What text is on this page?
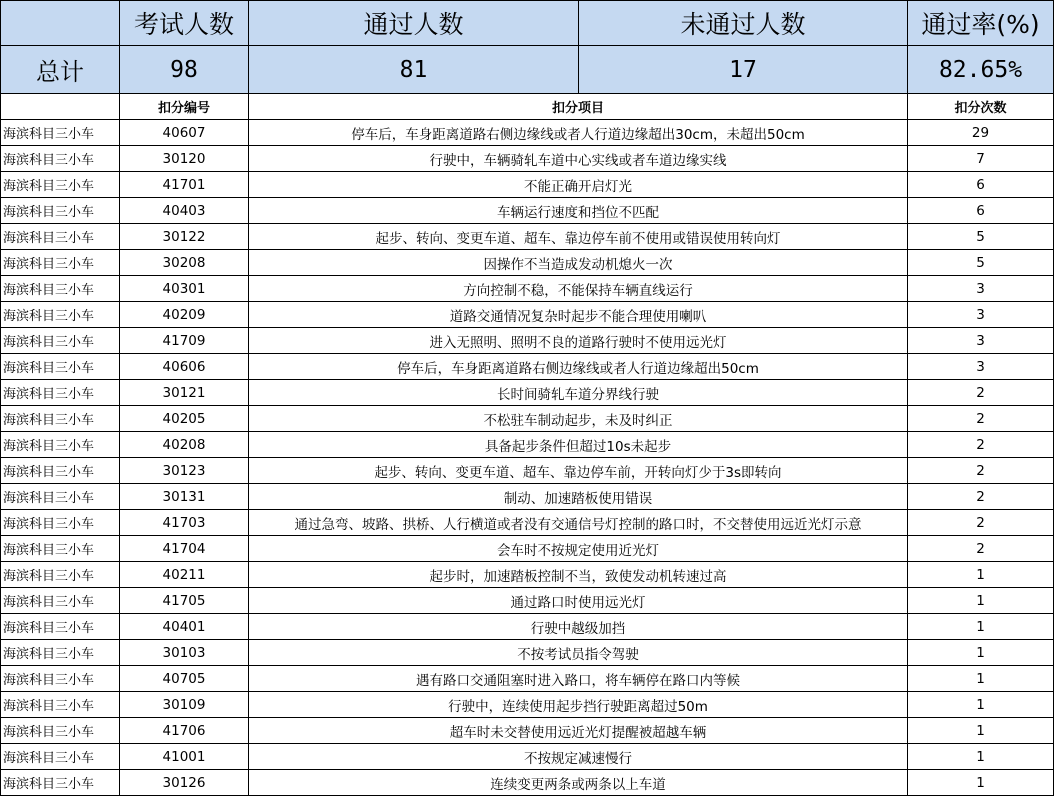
	考试人数	通过人数	未通过人数	通过率(%)
总计	98	81	17	82.65%
	扣分编号	扣分项目		扣分次数
海滨科目三小车	40607	停车后，车身距离道路右侧边缘线或者人行道边缘超出30cm，未超出50cm		29
海滨科目三小车	30120	行驶中，车辆骑轧车道中心实线或者车道边缘实线		7
海滨科目三小车	41701	不能正确开启灯光		6
海滨科目三小车	40403	车辆运行速度和挡位不匹配		6
海滨科目三小车	30122	起步、转向、变更车道、超车、靠边停车前不使用或错误使用转向灯		5
海滨科目三小车	30208	因操作不当造成发动机熄火一次		5
海滨科目三小车	40301	方向控制不稳，不能保持车辆直线运行		3
海滨科目三小车	40209	道路交通情况复杂时起步不能合理使用喇叭		3
海滨科目三小车	41709	进入无照明、照明不良的道路行驶时不使用远光灯		3
海滨科目三小车	40606	停车后，车身距离道路右侧边缘线或者人行道边缘超出50cm		3
海滨科目三小车	30121	长时间骑轧车道分界线行驶		2
海滨科目三小车	40205	不松驻车制动起步，未及时纠正		2
海滨科目三小车	40208	具备起步条件但超过10s未起步		2
海滨科目三小车	30123	起步、转向、变更车道、超车、靠边停车前，开转向灯少于3s即转向		2
海滨科目三小车	30131	制动、加速踏板使用错误		2
海滨科目三小车	41703	通过急弯、坡路、拱桥、人行横道或者没有交通信号灯控制的路口时，不交替使用远近光灯示意		2
海滨科目三小车	41704	会车时不按规定使用近光灯		2
海滨科目三小车	40211	起步时，加速踏板控制不当，致使发动机转速过高		1
海滨科目三小车	41705	通过路口时使用远光灯		1
海滨科目三小车	40401	行驶中越级加挡		1
海滨科目三小车	30103	不按考试员指令驾驶		1
海滨科目三小车	40705	遇有路口交通阻塞时进入路口，将车辆停在路口内等候		1
海滨科目三小车	30109	行驶中，连续使用起步挡行驶距离超过50m		1
海滨科目三小车	41706	超车时未交替使用远近光灯提醒被超越车辆		1
海滨科目三小车	41001	不按规定减速慢行		1
海滨科目三小车	30126	连续变更两条或两条以上车道		1
